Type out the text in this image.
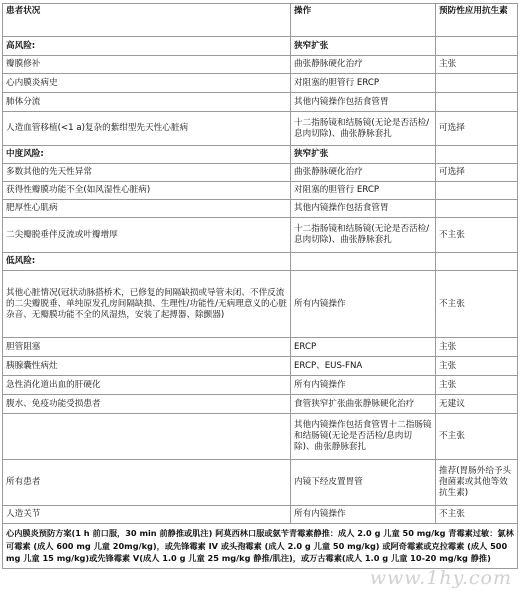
患者状况	操作	预防性应用抗生素
高风险:	狭窄扩张	
瓣膜修补	曲张静脉硬化治疗	主张
心内膜炎病史	对阻塞的胆管行 ERCP	
肺体分流	其他内镜操作包括食管胃	
人造血管移植(<1 a)复杂的紫绀型先天性心脏病	十二指肠镜和结肠镜(无论是否活检/息肉切除)、曲张静脉套扎	可选择
中度风险:	狭窄扩张	
多数其他的先天性异常	曲张静脉硬化治疗	可选择
获得性瓣膜功能不全(如风湿性心脏病)	对阻塞的胆管行 ERCP	
肥厚性心肌病	其他内镜操作包括食管胃	
二尖瓣脱垂伴反流或叶瓣增厚	十二指肠镜和结肠镜(无论是否活检/息肉切除)、曲张静脉套扎	不主张
低风险:		
其他心脏情况(冠状动脉搭桥术，已修复的间隔缺损或导管未闭、不伴反流的二尖瓣脱垂、单纯原发孔房间隔缺损、生理性/功能性/无病理意义的心脏杂音、无瓣膜功能不全的风湿热，安装了起搏器、除颤器)	所有内镜操作	不主张
胆管阻塞	ERCP	主张
胰腺囊性病灶	ERCP、EUS-FNA	主张
急性消化道出血的肝硬化	所有内镜操作	主张
腹水、免疫功能受损患者	食管狭窄扩张曲张静脉硬化治疗	无建议
	其他内镜操作包括食管胃十二指肠镜和结肠镜(无论是否活检/息肉切除)、曲张静脉套扎	不主张
所有患者	内镜下经皮置胃管	推荐(胃肠外给予头孢菌素或其他等效抗生素)
人造关节	所有内镜操作	不主张
心内膜炎预防方案(1 h 前口服，30 min 前静推或肌注) 阿莫西林口服或氨苄青霉素静推：成人 2.0 g 儿童 50 mg/kg 青霉素过敏：氯林可霉素 (成人 600 mg 儿童 20mg/kg)，或先锋霉素 IV 或头孢霉素 (成人 2.0 g 儿童 50 mg/kg) 或阿奇霉素或克拉霉素 (成人 500 mg 儿童 15 mg/kg)或先锋霉素 V(成人 1.0 g 儿童 25 mg/kg 静推/肌注)，或万古霉素(成人 1.0 g 儿童 10-20 mg/kg 静推)		
www.1hy.com
